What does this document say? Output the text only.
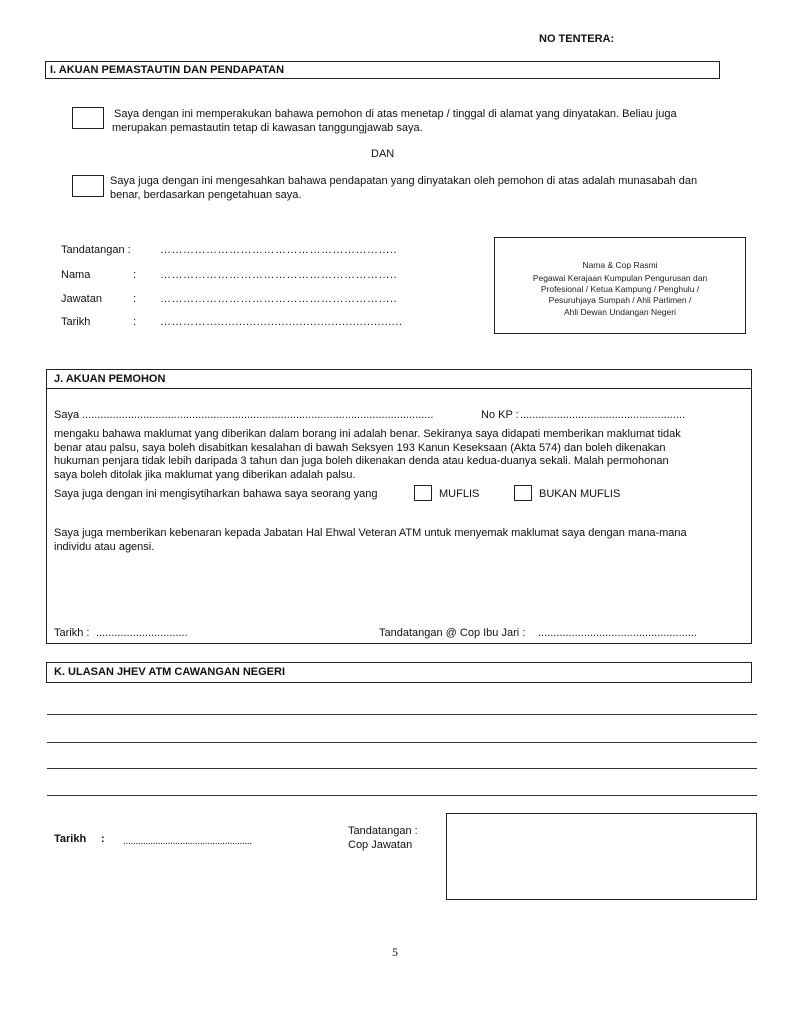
NO TENTERA:
I. AKUAN PEMASTAUTIN DAN PENDAPATAN
Saya dengan ini memperakukan bahawa pemohon di atas menetap / tinggal di alamat yang dinyatakan. Beliau juga
merupakan pemastautin tetap di kawasan tanggungjawab saya.
DAN
Saya juga dengan ini mengesahkan bahawa pendapatan yang dinyatakan oleh pemohon di atas adalah munasabah dan
benar, berdasarkan pengetahuan saya.
Tandatangan :	……………………………………………………..
Nama	: ……………………………………………………..
Jawatan	: ……………………………………………………..
Tarikh	: ……………....................................................
Nama & Cop Rasmi
Pegawai Kerajaan Kumpulan Pengurusan dan
Profesional / Ketua Kampung / Penghulu /
Pesuruhjaya Sumpah / Ahli Parlimen /
Ahli Dewan Undangan Negeri
J. AKUAN PEMOHON
Saya ...................................................................................................................	No KP : ......................................................
mengaku bahawa maklumat yang diberikan dalam borang ini adalah benar. Sekiranya saya didapati memberikan maklumat tidak
benar atau palsu, saya boleh disabitkan kesalahan di bawah Seksyen 193 Kanun Keseksaan (Akta 574) dan boleh dikenakan
hukuman penjara tidak lebih daripada 3 tahun dan juga boleh dikenakan denda atau kedua-duanya sekali. Malah permohonan
saya boleh ditolak jika maklumat yang diberikan adalah palsu.
Saya juga dengan ini mengisytiharkan bahawa saya seorang yang	MUFLIS	BUKAN MUFLIS
Saya juga memberikan kebenaran kepada Jabatan Hal Ehwal Veteran ATM untuk menyemak maklumat saya dengan mana-mana
individu atau agensi.
Tarikh : ..............................	Tandatangan @ Cop Ibu Jari : ....................................................
K. ULASAN JHEV ATM CAWANGAN NEGERI
Tarikh : ....................................................
Tandatangan :
Cop Jawatan
5
